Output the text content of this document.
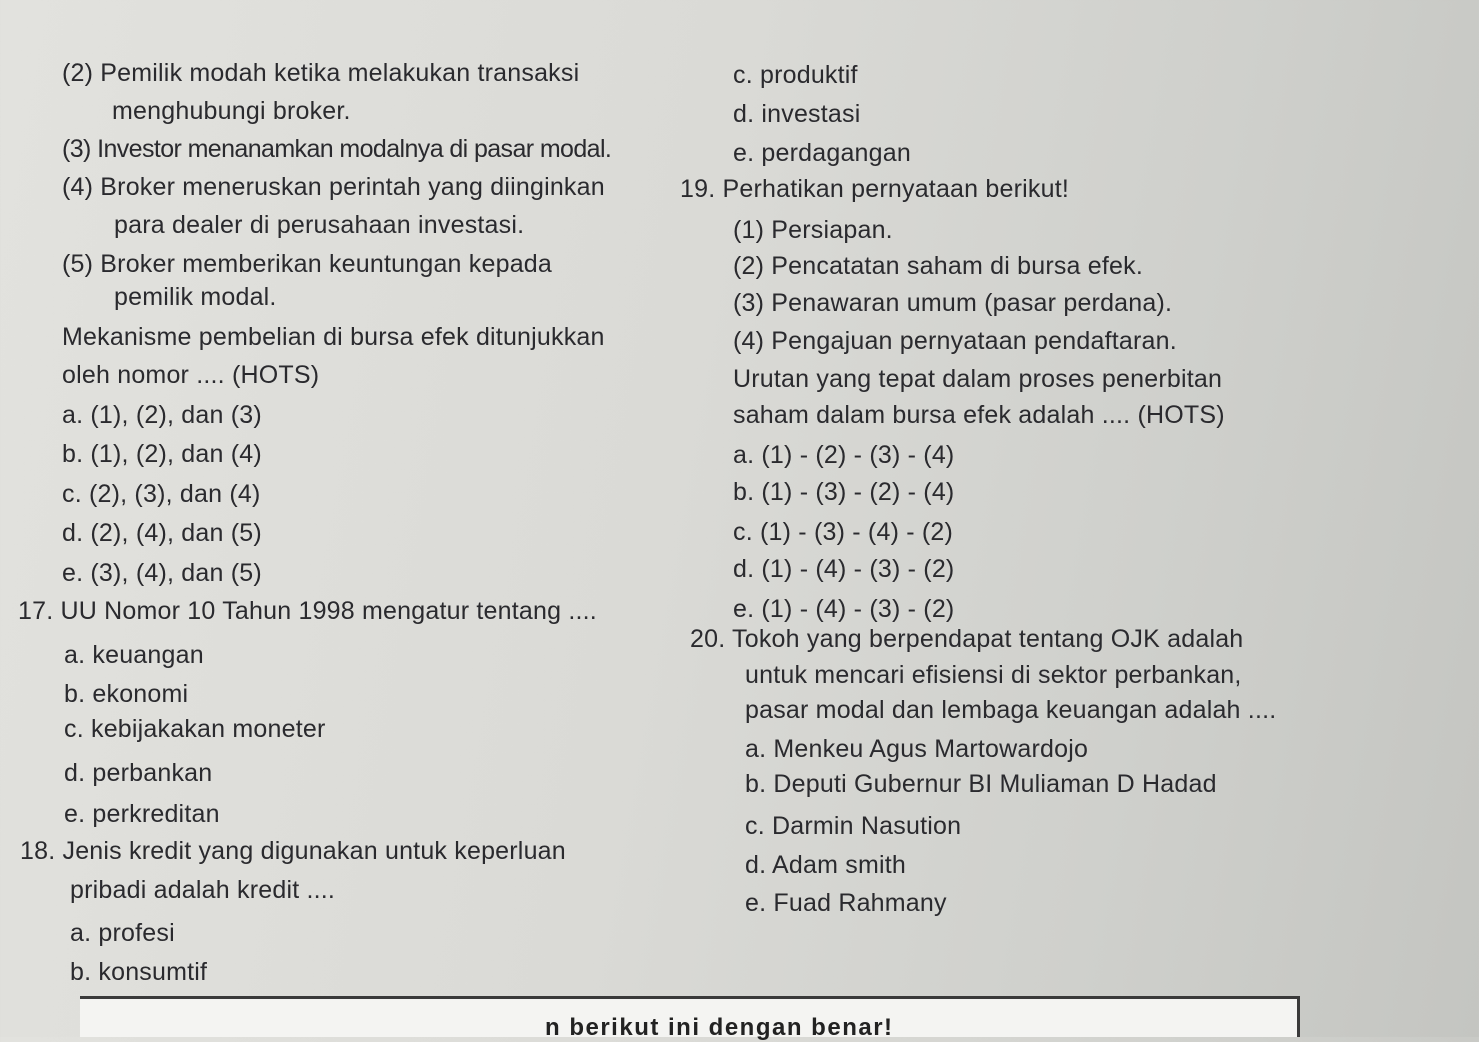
(2) Pemilik modah ketika melakukan transaksi
menghubungi broker.
(3) Investor menanamkan modalnya di pasar modal.
(4) Broker meneruskan perintah yang diinginkan
para dealer di perusahaan investasi.
(5) Broker memberikan keuntungan kepada
pemilik modal.
Mekanisme pembelian di bursa efek ditunjukkan
oleh nomor .... (HOTS)
a. (1), (2), dan (3)
b. (1), (2), dan (4)
c. (2), (3), dan (4)
d. (2), (4), dan (5)
e. (3), (4), dan (5)
17. UU Nomor 10 Tahun 1998 mengatur tentang ....
a. keuangan
b. ekonomi
c. kebijakakan moneter
d. perbankan
e. perkreditan
18. Jenis kredit yang digunakan untuk keperluan
pribadi adalah kredit ....
a. profesi
b. konsumtif
c. produktif
d. investasi
e. perdagangan
19. Perhatikan pernyataan berikut!
(1) Persiapan.
(2) Pencatatan saham di bursa efek.
(3) Penawaran umum (pasar perdana).
(4) Pengajuan pernyataan pendaftaran.
Urutan yang tepat dalam proses penerbitan
saham dalam bursa efek adalah .... (HOTS)
a. (1) - (2) - (3) - (4)
b. (1) - (3) - (2) - (4)
c. (1) - (3) - (4) - (2)
d. (1) - (4) - (3) - (2)
e. (1) - (4) - (3) - (2)
20. Tokoh yang berpendapat tentang OJK adalah
untuk mencari efisiensi di sektor perbankan,
pasar modal dan lembaga keuangan adalah ....
a. Menkeu Agus Martowardojo
b. Deputi Gubernur BI Muliaman D Hadad
c. Darmin Nasution
d. Adam smith
e. Fuad Rahmany
n berikut ini dengan benar!
